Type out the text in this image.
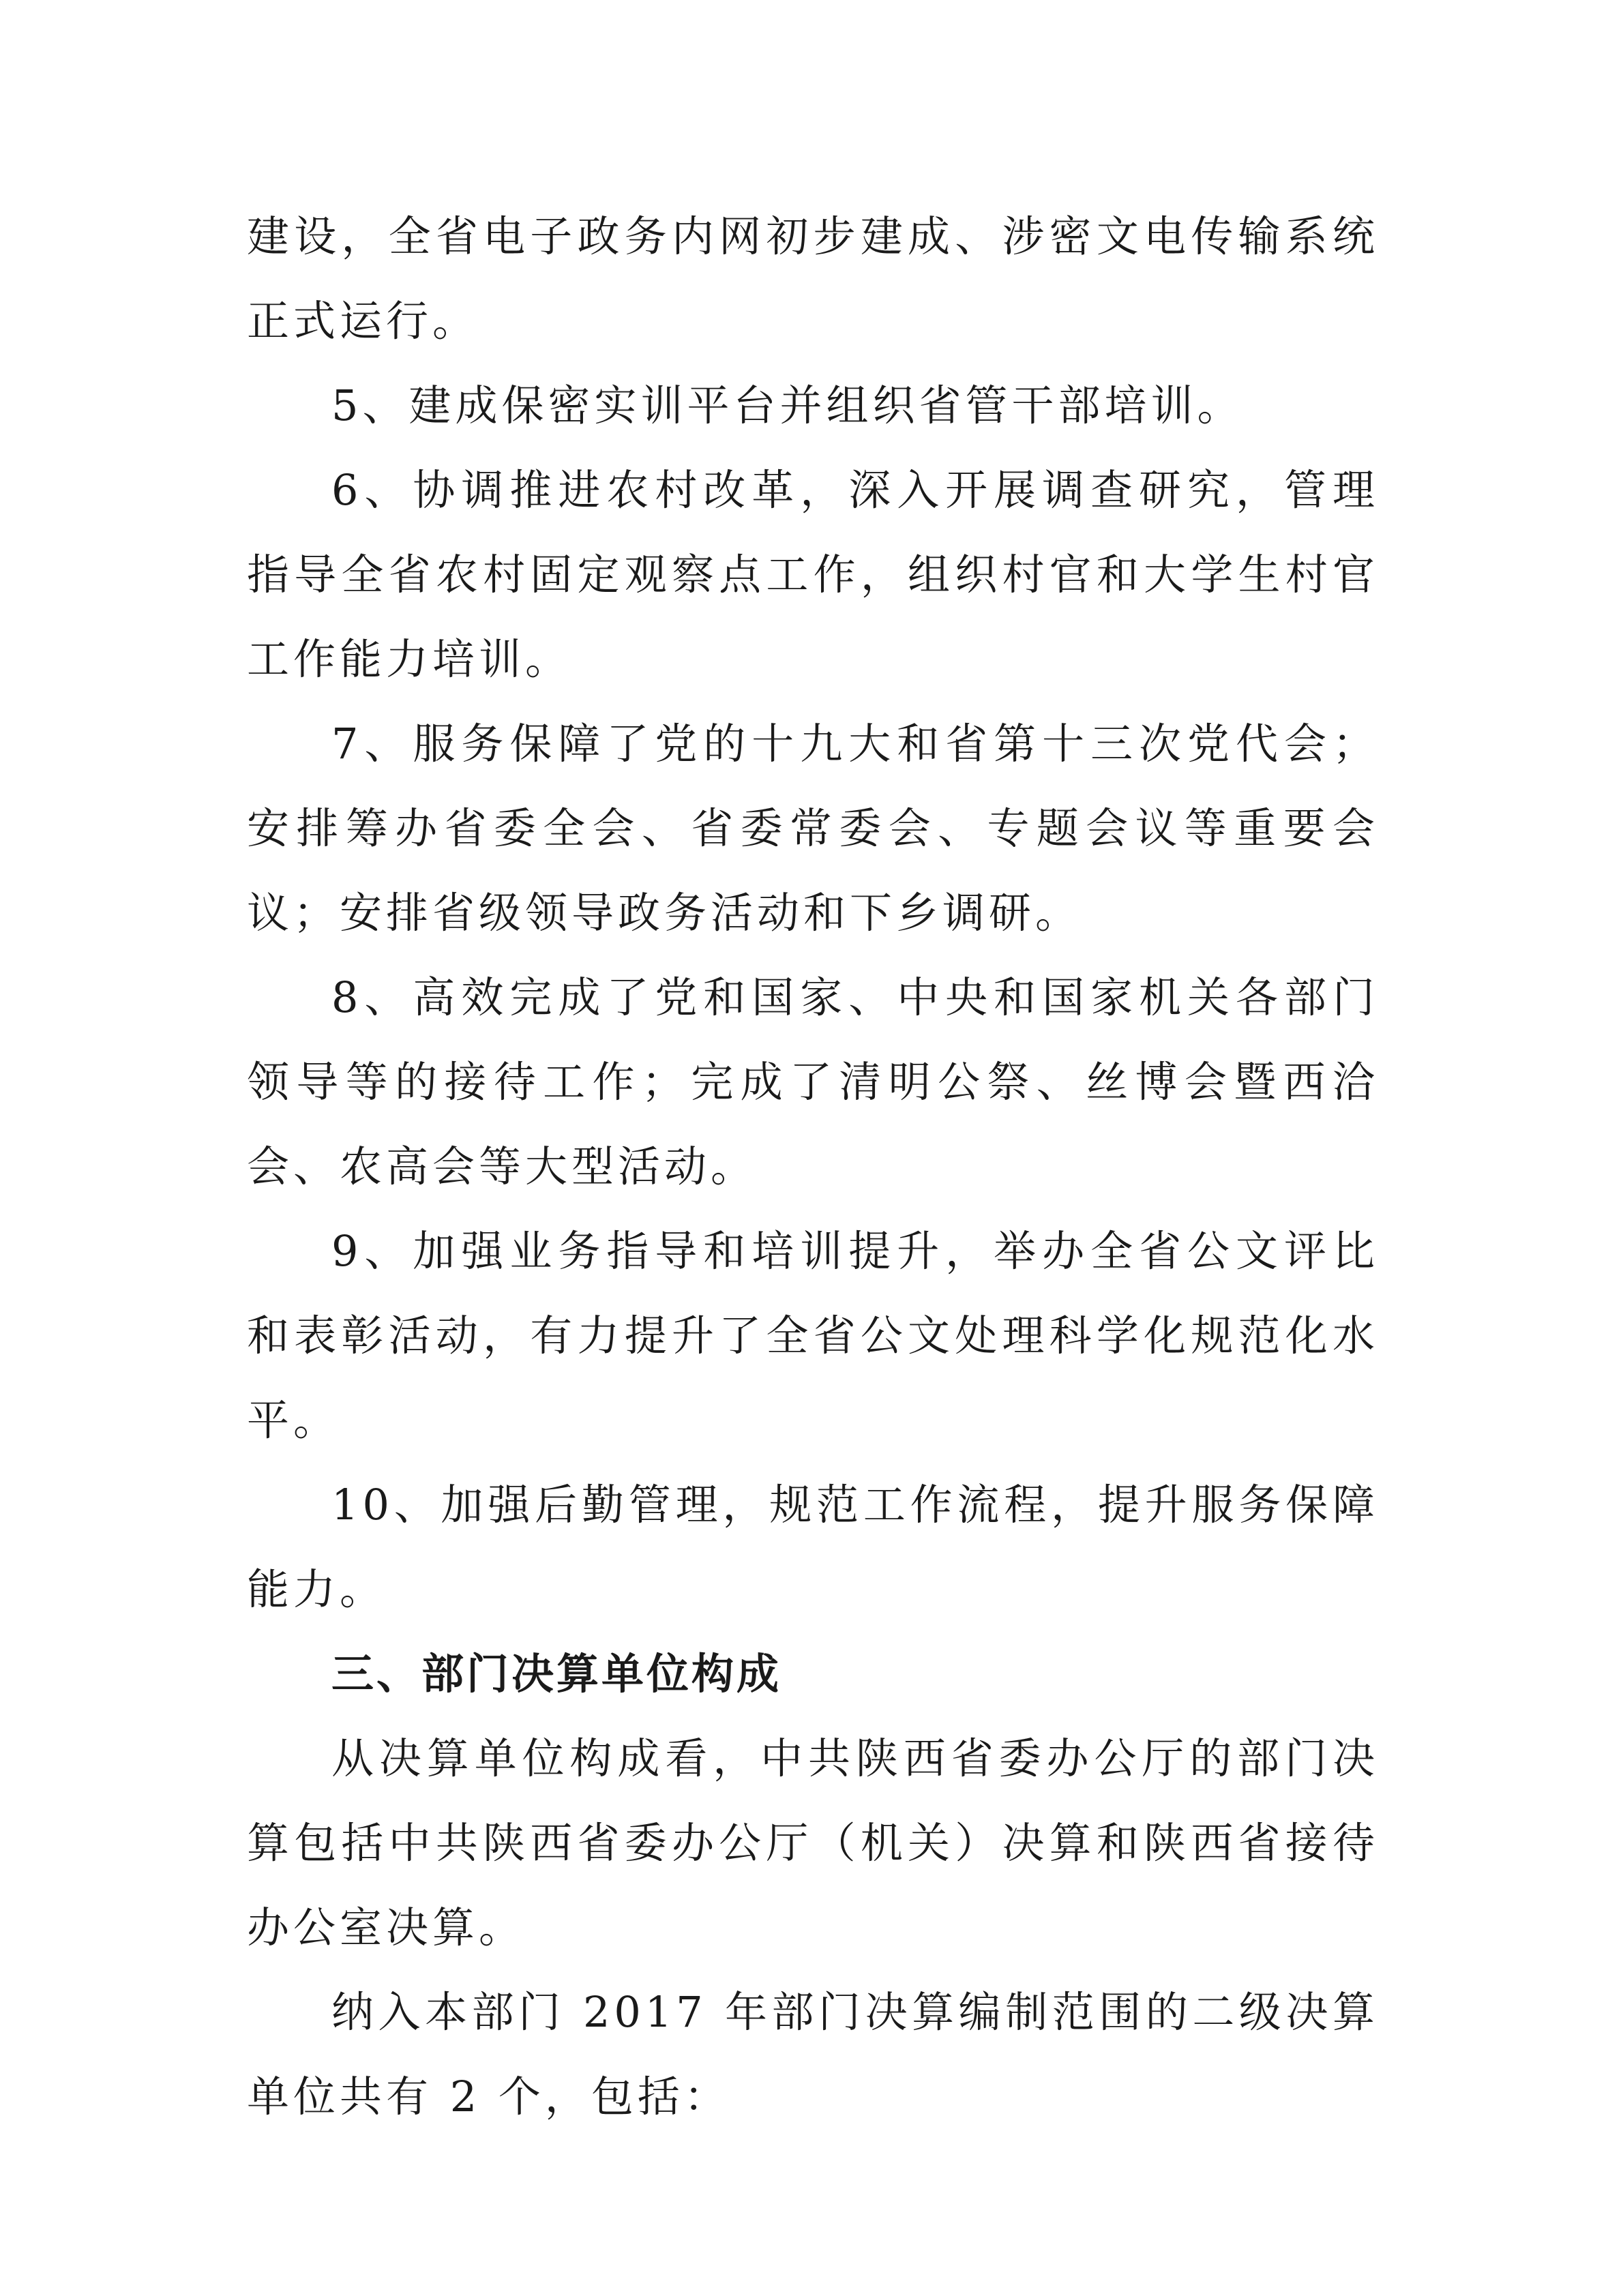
建设，全省电子政务内网初步建成、涉密文电传输系统正式运行。

5、建成保密实训平台并组织省管干部培训。

6、协调推进农村改革，深入开展调查研究，管理指导全省农村固定观察点工作，组织村官和大学生村官工作能力培训。

7、服务保障了党的十九大和省第十三次党代会；安排筹办省委全会、省委常委会、专题会议等重要会议；安排省级领导政务活动和下乡调研。

8、高效完成了党和国家、中央和国家机关各部门领导等的接待工作；完成了清明公祭、丝博会暨西洽会、农高会等大型活动。

9、加强业务指导和培训提升，举办全省公文评比和表彰活动，有力提升了全省公文处理科学化规范化水平。

10、加强后勤管理，规范工作流程，提升服务保障能力。

三、部门决算单位构成

从决算单位构成看，中共陕西省委办公厅的部门决算包括中共陕西省委办公厅（机关）决算和陕西省接待办公室决算。

纳入本部门 2017 年部门决算编制范围的二级决算单位共有 2 个，包括：
